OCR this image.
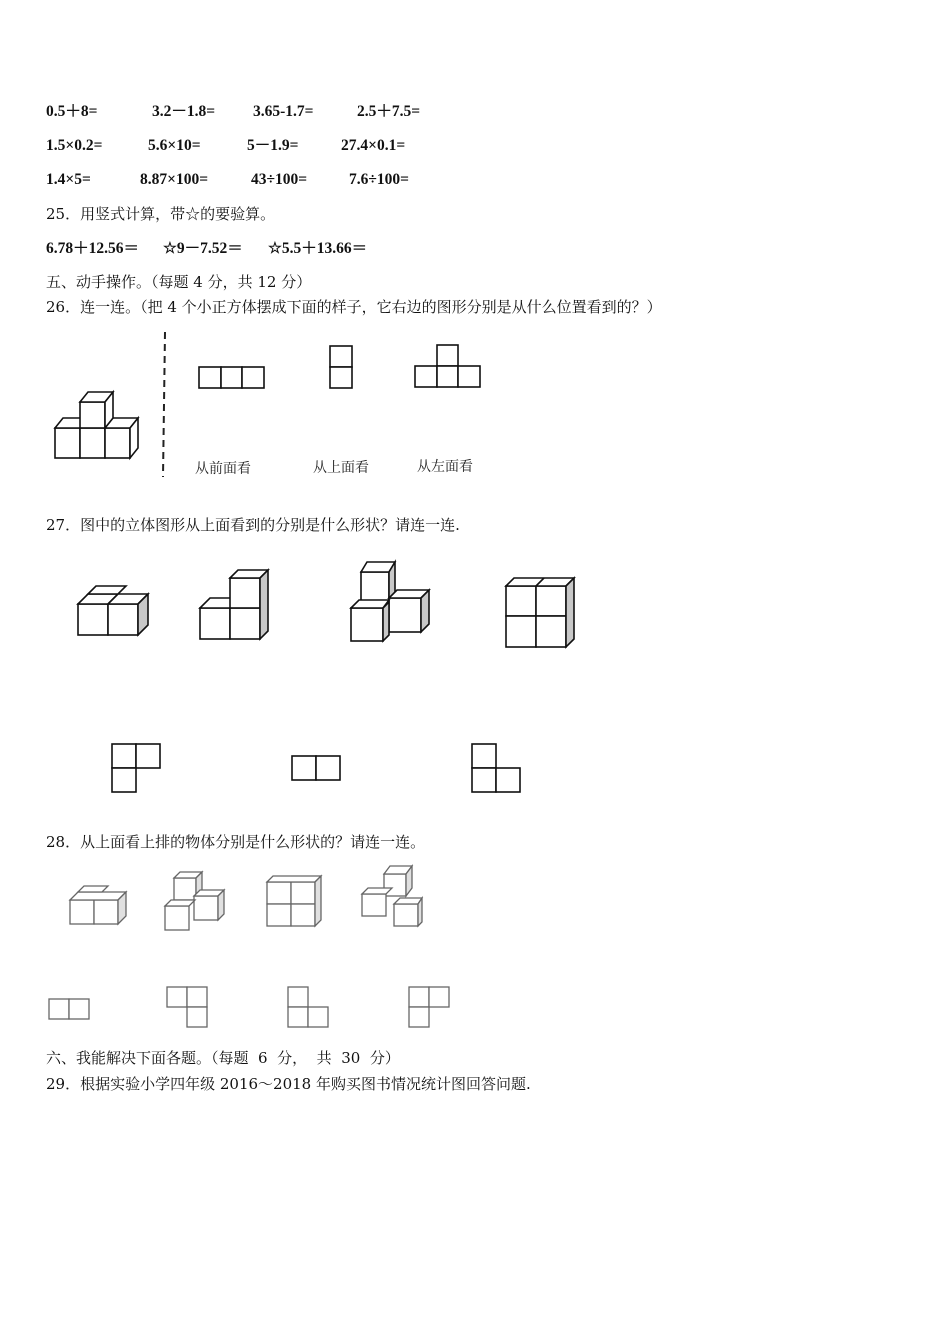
0.5＋8=	3.2－1.8= 3.65-1.7=	2.5＋7.5=
1.5×0.2=	5.6×10=	5－1.9=	27.4×0.1=
1.4×5=	8.87×100=	43÷100=	7.6÷100=
25．用竖式计算，带☆的要验算。
6.78＋12.56＝ ☆9－7.52＝ ☆5.5＋13.66＝
五、动手操作。（每题 4 分，共 12 分）
26．连一连。（把 4 个小正方体摆成下面的样子，它右边的图形分别是从什么位置看到的？）
从前面看	从上面看	从左面看
27．图中的立体图形从上面看到的分别是什么形状？请连一连.
28．从上面看上排的物体分别是什么形状的？请连一连。
六、我能解决下面各题。（每题  6  分，  共  30  分）
29．根据实验小学四年级 2016～2018 年购买图书情况统计图回答问题.
